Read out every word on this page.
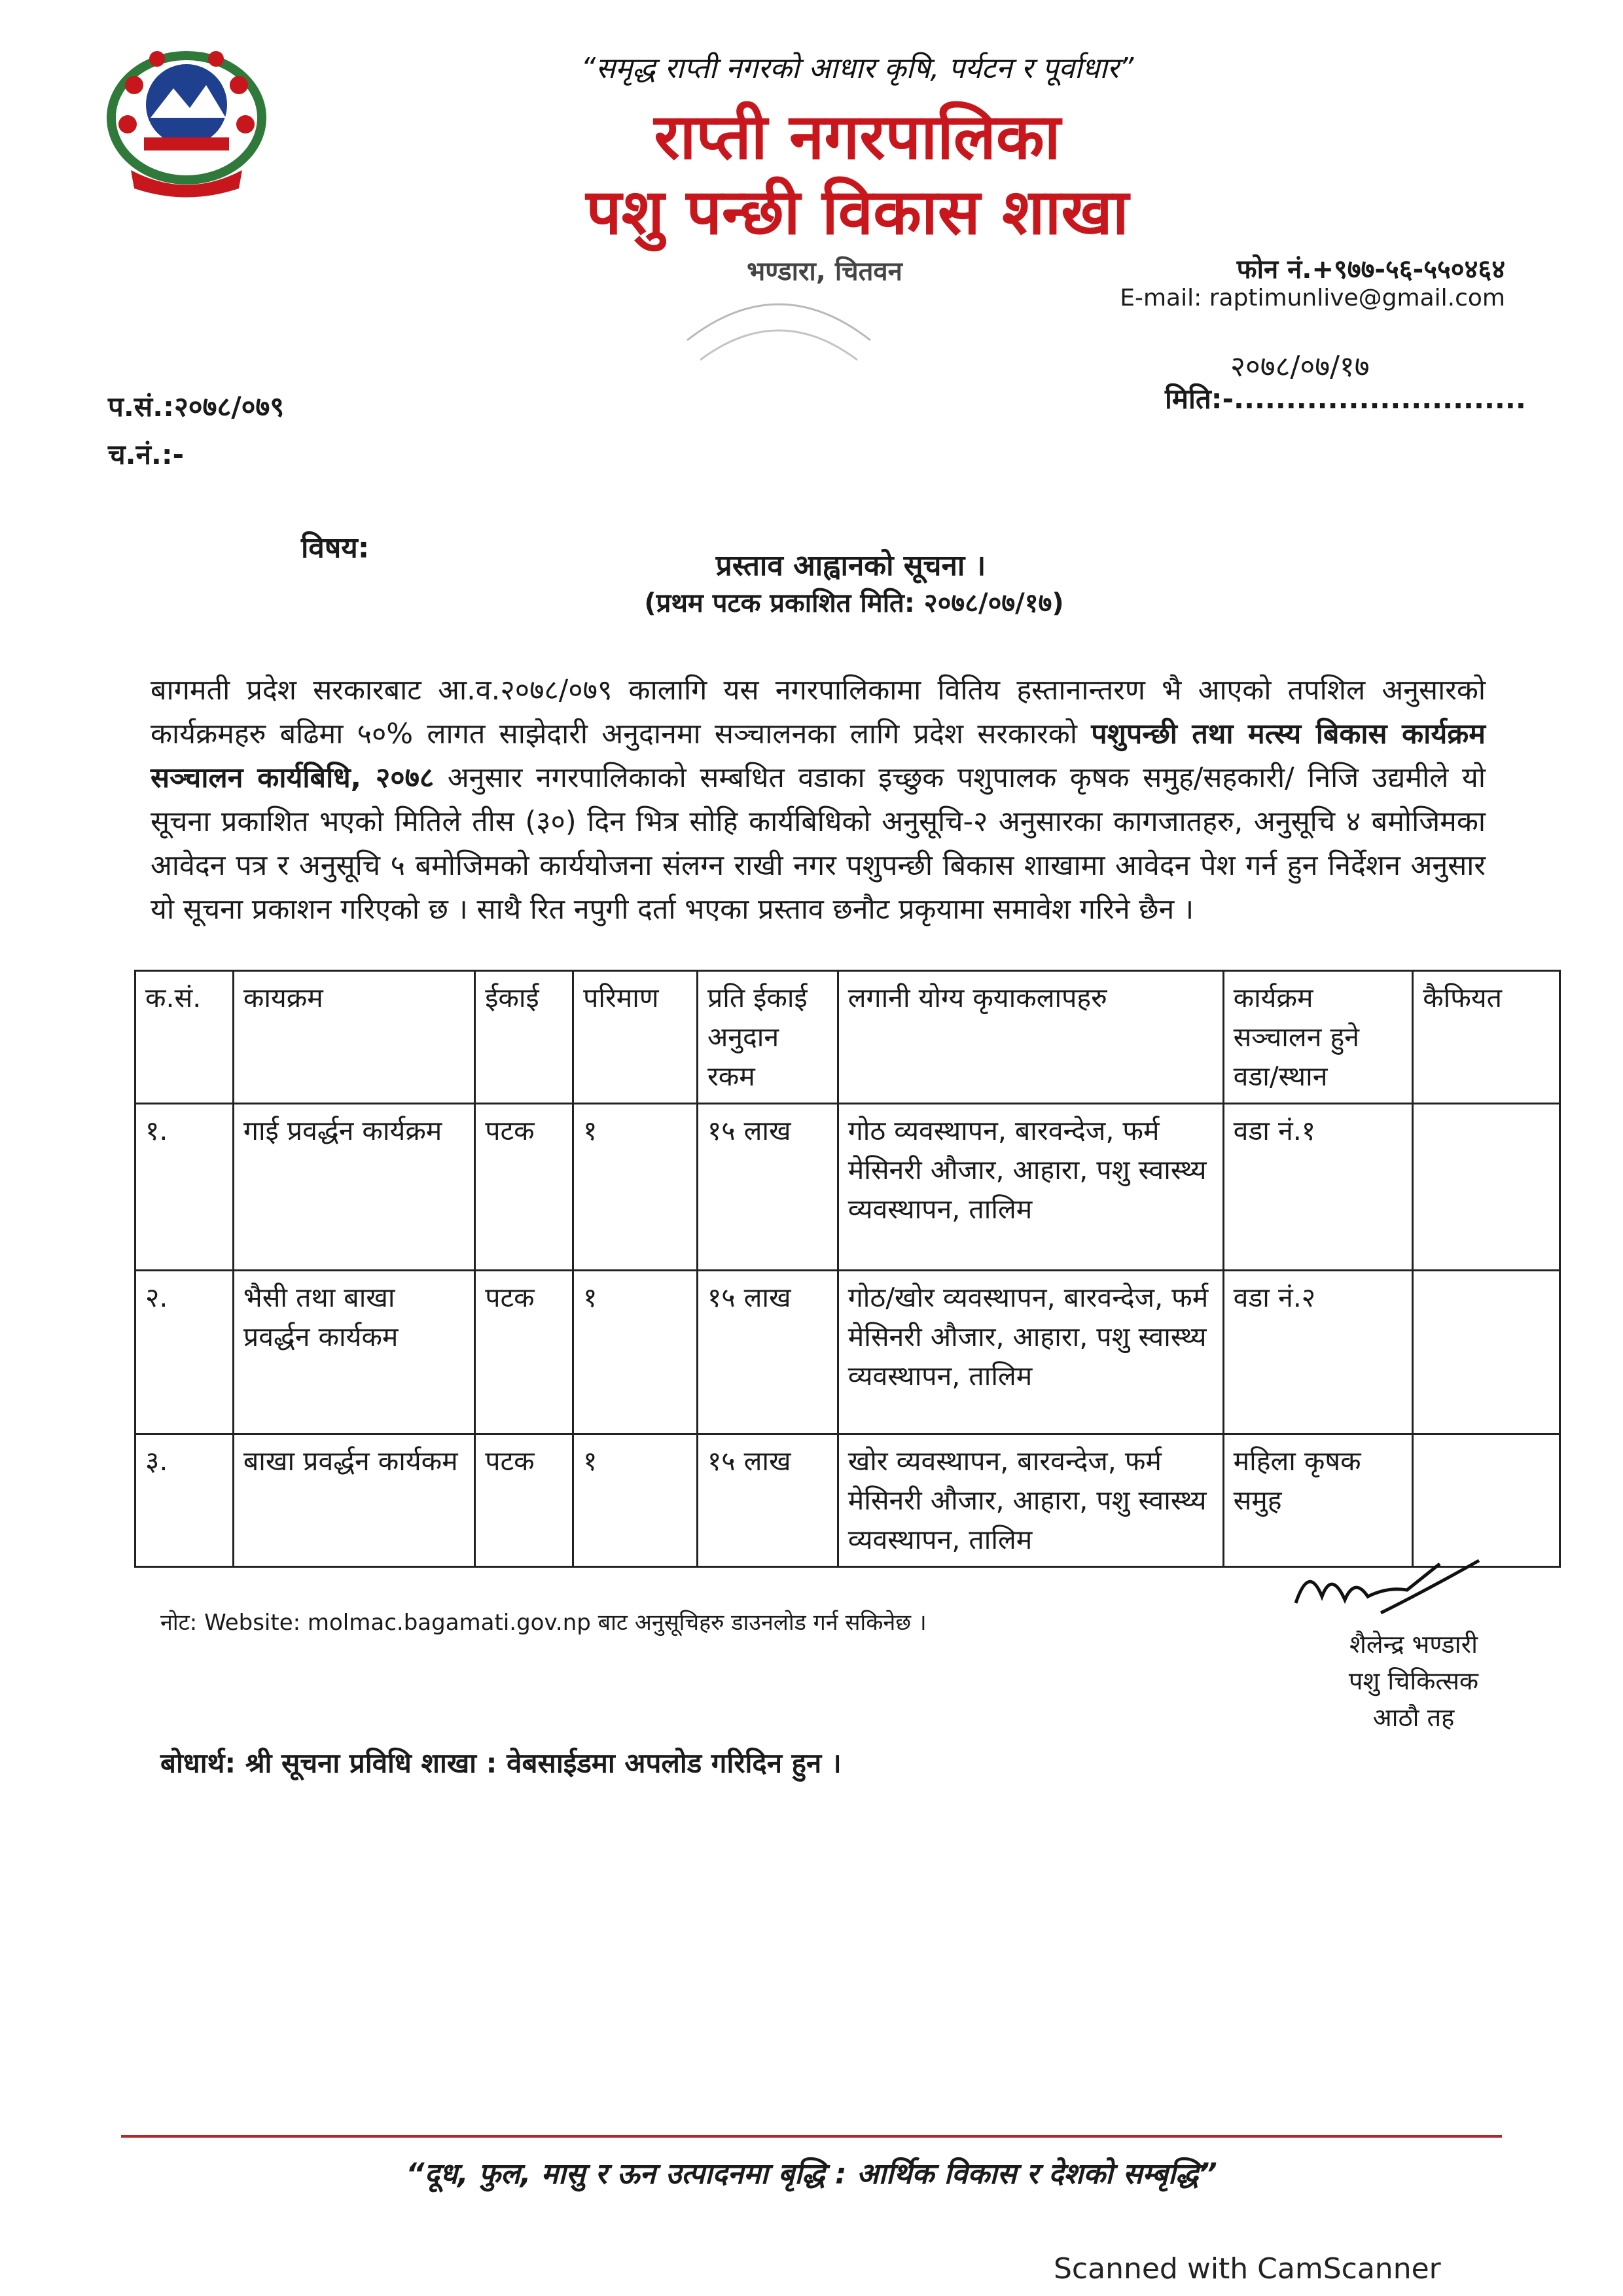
“समृद्ध राप्ती नगरको आधार कृषि, पर्यटन र पूर्वाधार”
राप्ती नगरपालिका
पशु पन्छी विकास शाखा
भण्डारा, चितवन	फोन नं.+९७७-५६-५५०४६४
E-mail: raptimunlive@gmail.com
२०७८/०७/१७
मिति:-............................
प.सं.:२०७८/०७९
च.नं.:-
विषय:
प्रस्ताव आह्वानको सूचना ।
(प्रथम पटक प्रकाशित मिति: २०७८/०७/१७)
बागमती प्रदेश सरकारबाट आ.व.२०७८/०७९ कालागि यस नगरपालिकामा वितिय हस्तानान्तरण भै आएको तपशिल अनुसारको कार्यक्रमहरु बढिमा ५०% लागत साझेदारी अनुदानमा सञ्चालनका लागि प्रदेश सरकारको पशुपन्छी तथा मत्स्य बिकास कार्यक्रम सञ्चालन कार्यबिधि, २०७८ अनुसार नगरपालिकाको सम्बधित वडाका इच्छुक पशुपालक कृषक समुह/सहकारी/ निजि उद्यमीले यो सूचना प्रकाशित भएको मितिले तीस (३०) दिन भित्र सोहि कार्यबिधिको अनुसूचि-२ अनुसारका कागजातहरु, अनुसूचि ४ बमोजिमका आवेदन पत्र र अनुसूचि ५ बमोजिमको कार्ययोजना संलग्न राखी नगर पशुपन्छी बिकास शाखामा आवेदन पेश गर्न हुन निर्देशन अनुसार यो सूचना प्रकाशन गरिएको छ । साथै रित नपुगी दर्ता भएका प्रस्ताव छनौट प्रकृयामा समावेश गरिने छैन ।
क.सं.	कायक्रम	ईकाई	परिमाण	प्रति ईकाई अनुदान रकम	लगानी योग्य कृयाकलापहरु	कार्यक्रम सञ्चालन हुने वडा/स्थान	कैफियत
१.	गाई प्रवर्द्धन कार्यक्रम	पटक	१	१५ लाख	गोठ व्यवस्थापन, बारवन्देज, फर्म मेसिनरी औजार, आहारा, पशु स्वास्थ्य व्यवस्थापन, तालिम	वडा नं.१	
२.	भैसी तथा बाखा प्रवर्द्धन कार्यकम	पटक	१	१५ लाख	गोठ/खोर व्यवस्थापन, बारवन्देज, फर्म मेसिनरी औजार, आहारा, पशु स्वास्थ्य व्यवस्थापन, तालिम	वडा नं.२	
३.	बाखा प्रवर्द्धन कार्यकम	पटक	१	१५ लाख	खोर व्यवस्थापन, बारवन्देज, फर्म मेसिनरी औजार, आहारा, पशु स्वास्थ्य व्यवस्थापन, तालिम	महिला कृषक समुह	
नोट: Website: molmac.bagamati.gov.np बाट अनुसूचिहरु डाउनलोड गर्न सकिनेछ ।
शैलेन्द्र भण्डारी
पशु चिकित्सक
आठौ तह
बोधार्थ: श्री सूचना प्रविधि शाखा : वेबसाईडमा अपलोड गरिदिन हुन ।
“दूध, फुल, मासु र ऊन उत्पादनमा बृद्धि : आर्थिक विकास र देशको सम्बृद्धि”
Scanned with CamScanner
